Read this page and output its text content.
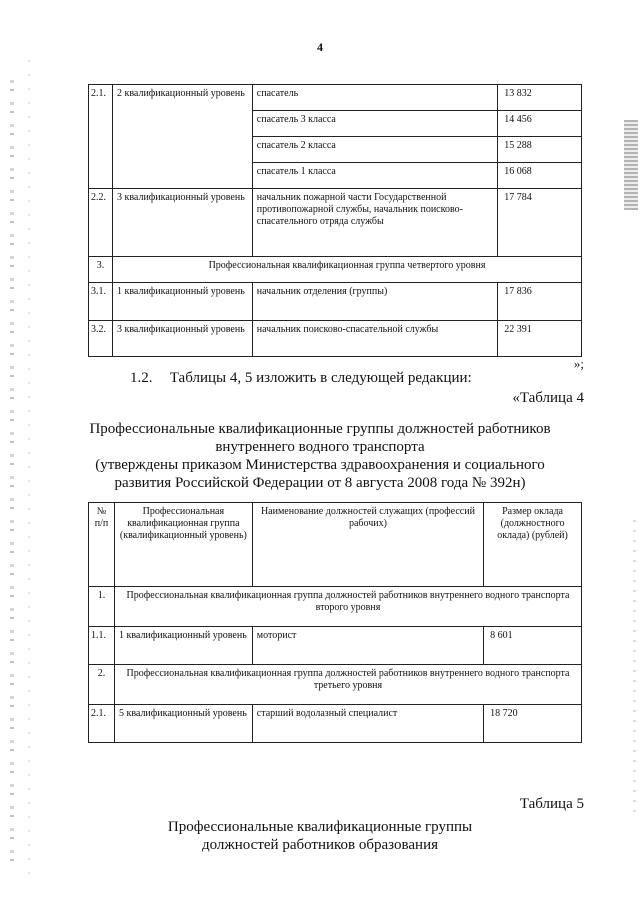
4
2.1.	2 квалификационный уровень	спасатель	13 832
		спасатель 3 класса	14 456
		спасатель 2 класса	15 288
		спасатель 1 класса	16 068
2.2.	3 квалификационный уровень	начальник пожарной части Государственной противопожарной службы, начальник поисково-спасательного отряда службы	17 784
3.	Профессиональная квалификационная группа четвертого уровня		
3.1.	1 квалификационный уровень	начальник отделения (группы)	17 836
3.2.	3 квалификационный уровень	начальник поисково-спасательной службы	22 391
»;
1.2. Таблицы 4, 5 изложить в следующей редакции:
«Таблица 4
Профессиональные квалификационные группы должностей работников
внутреннего водного транспорта
(утверждены приказом Министерства здравоохранения и социального
развития Российской Федерации от 8 августа 2008 года № 392н)
№ п/п	Профессиональная квалификационная группа (квалификационный уровень)	Наименование должностей служащих (профессий рабочих)	Размер оклада (должностного оклада) (рублей)
1.	Профессиональная квалификационная группа должностей работников внутреннего водного транспорта второго уровня		
1.1.	1 квалификационный уровень	моторист	8 601
2.	Профессиональная квалификационная группа должностей работников внутреннего водного транспорта третьего уровня		
2.1.	5 квалификационный уровень	старший водолазный специалист	18 720
Таблица 5
Профессиональные квалификационные группы
должностей работников образования
